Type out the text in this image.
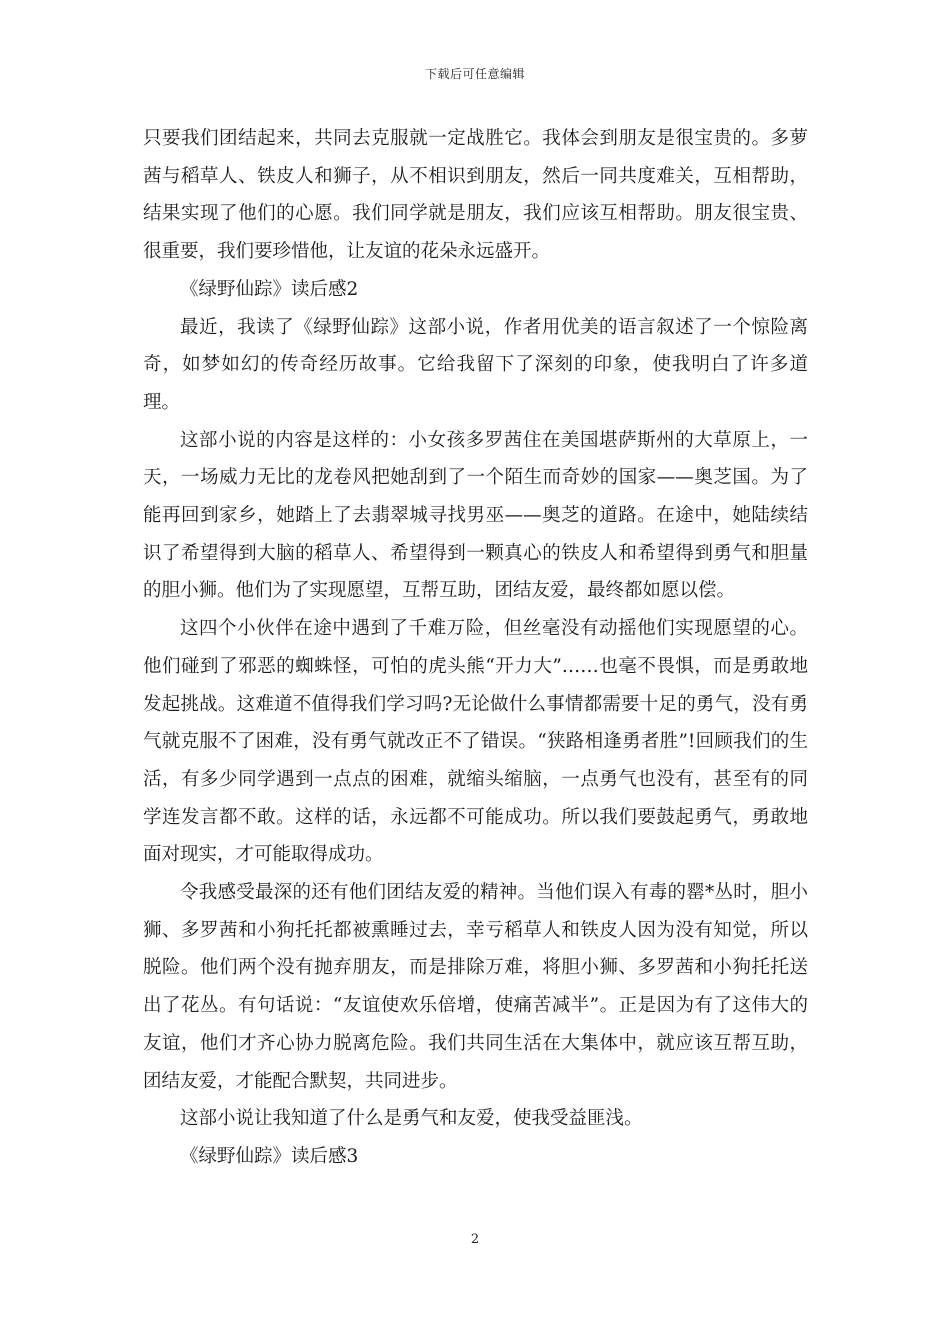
下载后可任意编辑

只要我们团结起来，共同去克服就一定战胜它。我体会到朋友是很宝贵的。多萝茜与稻草人、铁皮人和狮子，从不相识到朋友，然后一同共度难关，互相帮助，结果实现了他们的心愿。我们同学就是朋友，我们应该互相帮助。朋友很宝贵、很重要，我们要珍惜他，让友谊的花朵永远盛开。

《绿野仙踪》读后感2

最近，我读了《绿野仙踪》这部小说，作者用优美的语言叙述了一个惊险离奇，如梦如幻的传奇经历故事。它给我留下了深刻的印象，使我明白了许多道理。

这部小说的内容是这样的：小女孩多罗茜住在美国堪萨斯州的大草原上，一天，一场威力无比的龙卷风把她刮到了一个陌生而奇妙的国家——奥芝国。为了能再回到家乡，她踏上了去翡翠城寻找男巫——奥芝的道路。在途中，她陆续结识了希望得到大脑的稻草人、希望得到一颗真心的铁皮人和希望得到勇气和胆量的胆小狮。他们为了实现愿望，互帮互助，团结友爱，最终都如愿以偿。

这四个小伙伴在途中遇到了千难万险，但丝毫没有动摇他们实现愿望的心。他们碰到了邪恶的蜘蛛怪，可怕的虎头熊“开力大”……也毫不畏惧，而是勇敢地发起挑战。这难道不值得我们学习吗?无论做什么事情都需要十足的勇气，没有勇气就克服不了困难，没有勇气就改正不了错误。“狭路相逢勇者胜”!回顾我们的生活，有多少同学遇到一点点的困难，就缩头缩脑，一点勇气也没有，甚至有的同学连发言都不敢。这样的话，永远都不可能成功。所以我们要鼓起勇气，勇敢地面对现实，才可能取得成功。

令我感受最深的还有他们团结友爱的精神。当他们误入有毒的罂*丛时，胆小狮、多罗茜和小狗托托都被熏睡过去，幸亏稻草人和铁皮人因为没有知觉，所以脱险。他们两个没有抛弃朋友，而是排除万难，将胆小狮、多罗茜和小狗托托送出了花丛。有句话说：“友谊使欢乐倍增，使痛苦减半”。正是因为有了这伟大的友谊，他们才齐心协力脱离危险。我们共同生活在大集体中，就应该互帮互助，团结友爱，才能配合默契，共同进步。

这部小说让我知道了什么是勇气和友爱，使我受益匪浅。

《绿野仙踪》读后感3

2
